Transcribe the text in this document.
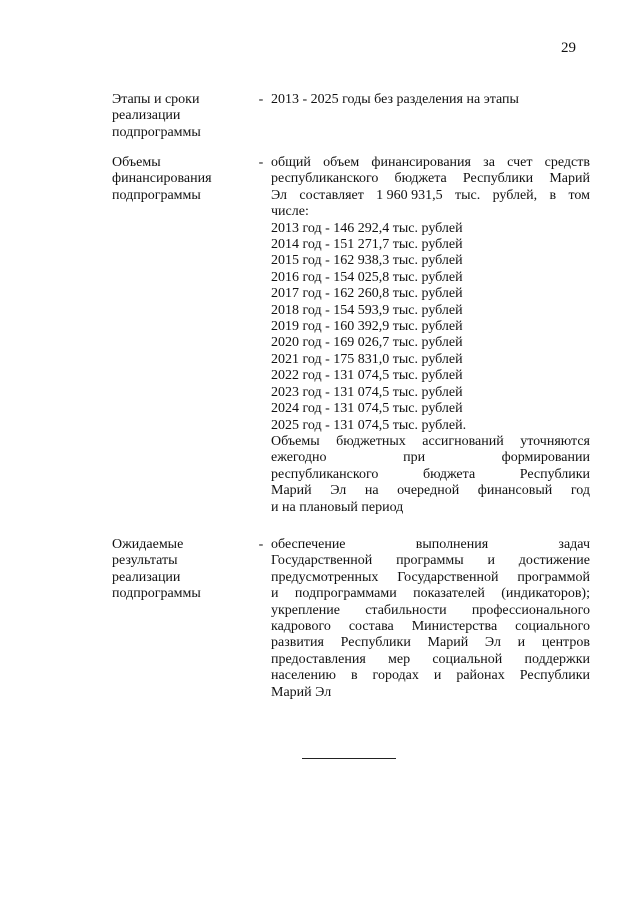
29
Этапы и сроки
реализации
подпрограммы
- 2013 - 2025 годы без разделения на этапы
Объемы
финансирования
подпрограммы
- общий объем финансирования за счет средств
республиканского бюджета Республики Марий
Эл составляет 1 960 931,5 тыс. рублей, в том
числе:
2013 год - 146 292,4 тыс. рублей
2014 год - 151 271,7 тыс. рублей
2015 год - 162 938,3 тыс. рублей
2016 год - 154 025,8 тыс. рублей
2017 год - 162 260,8 тыс. рублей
2018 год - 154 593,9 тыс. рублей
2019 год - 160 392,9 тыс. рублей
2020 год - 169 026,7 тыс. рублей
2021 год - 175 831,0 тыс. рублей
2022 год - 131 074,5 тыс. рублей
2023 год - 131 074,5 тыс. рублей
2024 год - 131 074,5 тыс. рублей
2025 год - 131 074,5 тыс. рублей.
Объемы бюджетных ассигнований уточняются
ежегодно	при	формировании
республиканского	бюджета	Республики
Марий Эл на очередной финансовый год
и на плановый период
Ожидаемые
результаты
реализации
подпрограммы
- обеспечение	выполнения	задач
Государственной программы и достижение
предусмотренных Государственной программой
и подпрограммами показателей (индикаторов);
укрепление стабильности профессионального
кадрового состава Министерства социального
развития Республики Марий Эл и центров
предоставления мер социальной поддержки
населению в городах и районах Республики
Марий Эл
